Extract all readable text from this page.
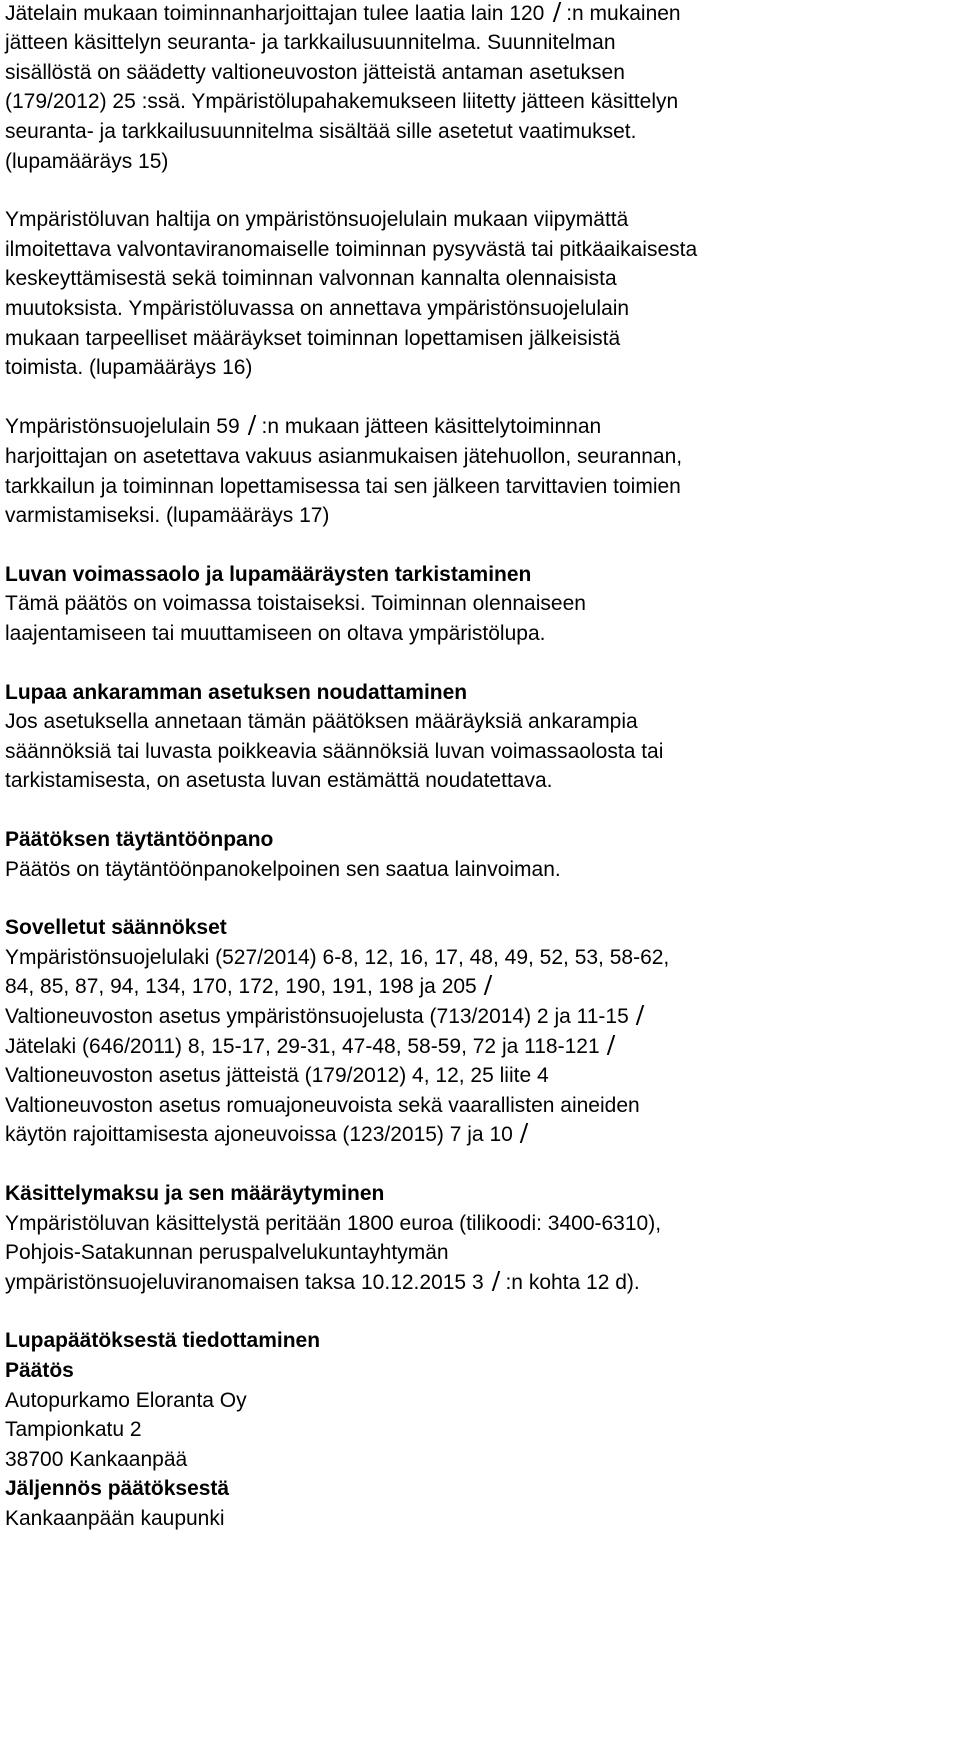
Jätelain mukaan toiminnanharjoittajan tulee laatia lain 120 :n mukainen
jätteen käsittelyn seuranta- ja tarkkailusuunnitelma. Suunnitelman
sisällöstä on säädetty valtioneuvoston jätteistä antaman asetuksen
(179/2012) 25 :ssä. Ympäristölupahakemukseen liitetty jätteen käsittelyn
seuranta- ja tarkkailusuunnitelma sisältää sille asetetut vaatimukset.
(lupamääräys 15)
Ympäristöluvan haltija on ympäristönsuojelulain mukaan viipymättä
ilmoitettava valvontaviranomaiselle toiminnan pysyvästä tai pitkäaikaisesta
keskeyttämisestä sekä toiminnan valvonnan kannalta olennaisista
muutoksista. Ympäristöluvassa on annettava ympäristönsuojelulain
mukaan tarpeelliset määräykset toiminnan lopettamisen jälkeisistä
toimista. (lupamääräys 16)
Ympäristönsuojelulain 59 :n mukaan jätteen käsittelytoiminnan
harjoittajan on asetettava vakuus asianmukaisen jätehuollon, seurannan,
tarkkailun ja toiminnan lopettamisessa tai sen jälkeen tarvittavien toimien
varmistamiseksi. (lupamääräys 17)
Luvan voimassaolo ja lupamääräysten tarkistaminen
Tämä päätös on voimassa toistaiseksi. Toiminnan olennaiseen
laajentamiseen tai muuttamiseen on oltava ympäristölupa.
Lupaa ankaramman asetuksen noudattaminen
Jos asetuksella annetaan tämän päätöksen määräyksiä ankarampia
säännöksiä tai luvasta poikkeavia säännöksiä luvan voimassaolosta tai
tarkistamisesta, on asetusta luvan estämättä noudatettava.
Päätöksen täytäntöönpano
Päätös on täytäntöönpanokelpoinen sen saatua lainvoiman.
Sovelletut säännökset
Ympäristönsuojelulaki (527/2014) 6-8, 12, 16, 17, 48, 49, 52, 53, 58-62,
84, 85, 87, 94, 134, 170, 172, 190, 191, 198 ja 205
Valtioneuvoston asetus ympäristönsuojelusta (713/2014) 2 ja 11-15
Jätelaki (646/2011) 8, 15-17, 29-31, 47-48, 58-59, 72 ja 118-121
Valtioneuvoston asetus jätteistä (179/2012) 4, 12, 25 liite 4
Valtioneuvoston asetus romuajoneuvoista sekä vaarallisten aineiden
käytön rajoittamisesta ajoneuvoissa (123/2015) 7 ja 10
Käsittelymaksu ja sen määräytyminen
Ympäristöluvan käsittelystä peritään 1800 euroa (tilikoodi: 3400-6310),
Pohjois-Satakunnan peruspalvelukuntayhtymän
ympäristönsuojeluviranomaisen taksa 10.12.2015 3 :n kohta 12 d).
Lupapäätöksestä tiedottaminen
Päätös
Autopurkamo Eloranta Oy
Tampionkatu 2
38700 Kankaanpää
Jäljennös päätöksestä
Kankaanpään kaupunki
